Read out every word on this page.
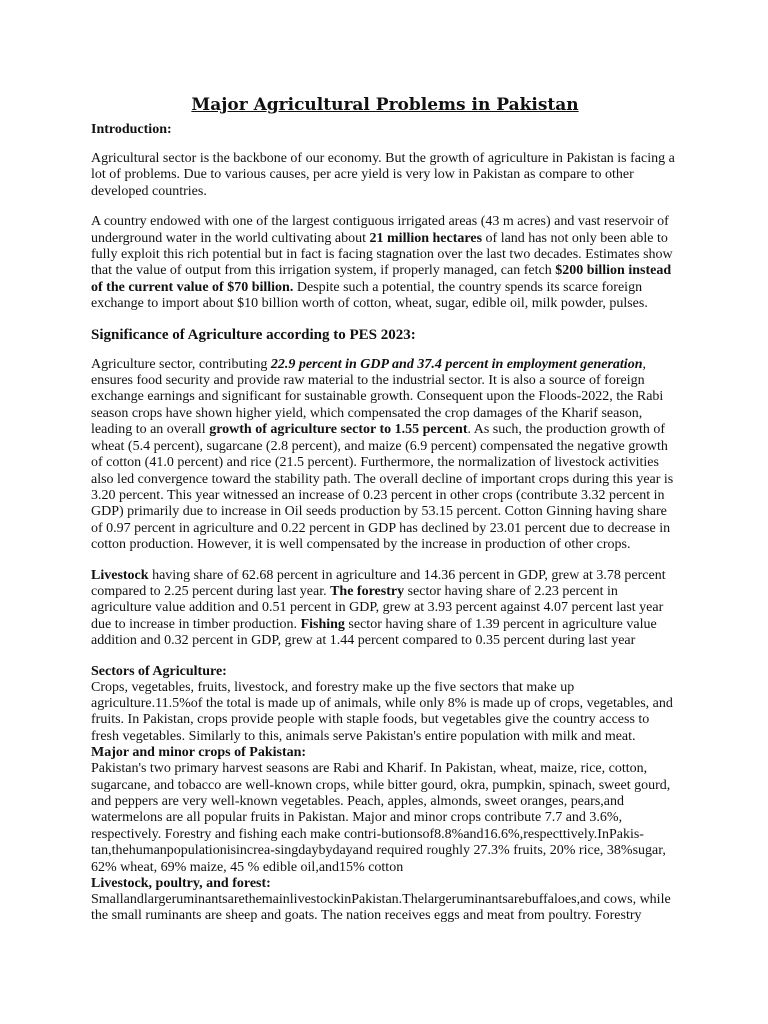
Major Agricultural Problems in Pakistan
Introduction:

Agricultural sector is the backbone of our economy. But the growth of agriculture in Pakistan is facing a lot of problems. Due to various causes, per acre yield is very low in Pakistan as compare to other developed countries.

A country endowed with one of the largest contiguous irrigated areas (43 m acres) and vast reservoir of underground water in the world cultivating about 21 million hectares of land has not only been able to fully exploit this rich potential but in fact is facing stagnation over the last two decades. Estimates show that the value of output from this irrigation system, if properly managed, can fetch $200 billion instead of the current value of $70 billion. Despite such a potential, the country spends its scarce foreign exchange to import about $10 billion worth of cotton, wheat, sugar, edible oil, milk powder, pulses.

Significance of Agriculture according to PES 2023:

Agriculture sector, contributing 22.9 percent in GDP and 37.4 percent in employment generation, ensures food security and provide raw material to the industrial sector. It is also a source of foreign exchange earnings and significant for sustainable growth. Consequent upon the Floods-2022, the Rabi season crops have shown higher yield, which compensated the crop damages of the Kharif season, leading to an overall growth of agriculture sector to 1.55 percent. As such, the production growth of wheat (5.4 percent), sugarcane (2.8 percent), and maize (6.9 percent) compensated the negative growth of cotton (41.0 percent) and rice (21.5 percent). Furthermore, the normalization of livestock activities also led convergence toward the stability path. The overall decline of important crops during this year is 3.20 percent. This year witnessed an increase of 0.23 percent in other crops (contribute 3.32 percent in GDP) primarily due to increase in Oil seeds production by 53.15 percent. Cotton Ginning having share of 0.97 percent in agriculture and 0.22 percent in GDP has declined by 23.01 percent due to decrease in cotton production. However, it is well compensated by the increase in production of other crops.

Livestock having share of 62.68 percent in agriculture and 14.36 percent in GDP, grew at 3.78 percent compared to 2.25 percent during last year. The forestry sector having share of 2.23 percent in agriculture value addition and 0.51 percent in GDP, grew at 3.93 percent against 4.07 percent last year due to increase in timber production. Fishing sector having share of 1.39 percent in agriculture value addition and 0.32 percent in GDP, grew at 1.44 percent compared to 0.35 percent during last year

Sectors of Agriculture:

Crops, vegetables, fruits, livestock, and forestry make up the five sectors that make up agriculture.11.5%of the total is made up of animals, while only 8% is made up of crops, vegetables, and fruits. In Pakistan, crops provide people with staple foods, but vegetables give the country access to fresh vegetables. Similarly to this, animals serve Pakistan's entire population with milk and meat.

Major and minor crops of Pakistan:

Pakistan's two primary harvest seasons are Rabi and Kharif. In Pakistan, wheat, maize, rice, cotton, sugarcane, and tobacco are well-known crops, while bitter gourd, okra, pumpkin, spinach, sweet gourd, and peppers are very well-known vegetables. Peach, apples, almonds, sweet oranges, pears,and watermelons are all popular fruits in Pakistan. Major and minor crops contribute 7.7 and 3.6%, respectively. Forestry and fishing each make contri-butionsof8.8%and16.6%,respecttively.InPakis-tan,thehumanpopulationisincrea-singdaybydayand required roughly 27.3% fruits, 20% rice, 38%sugar, 62% wheat, 69% maize, 45 % edible oil,and15% cotton

Livestock, poultry, and forest:

SmallandlargeruminantsarethemainlivestockinPakistan.Thelargeruminantsarebuffaloes,and cows, while the small ruminants are sheep and goats. The nation receives eggs and meat from poultry. Forestry
